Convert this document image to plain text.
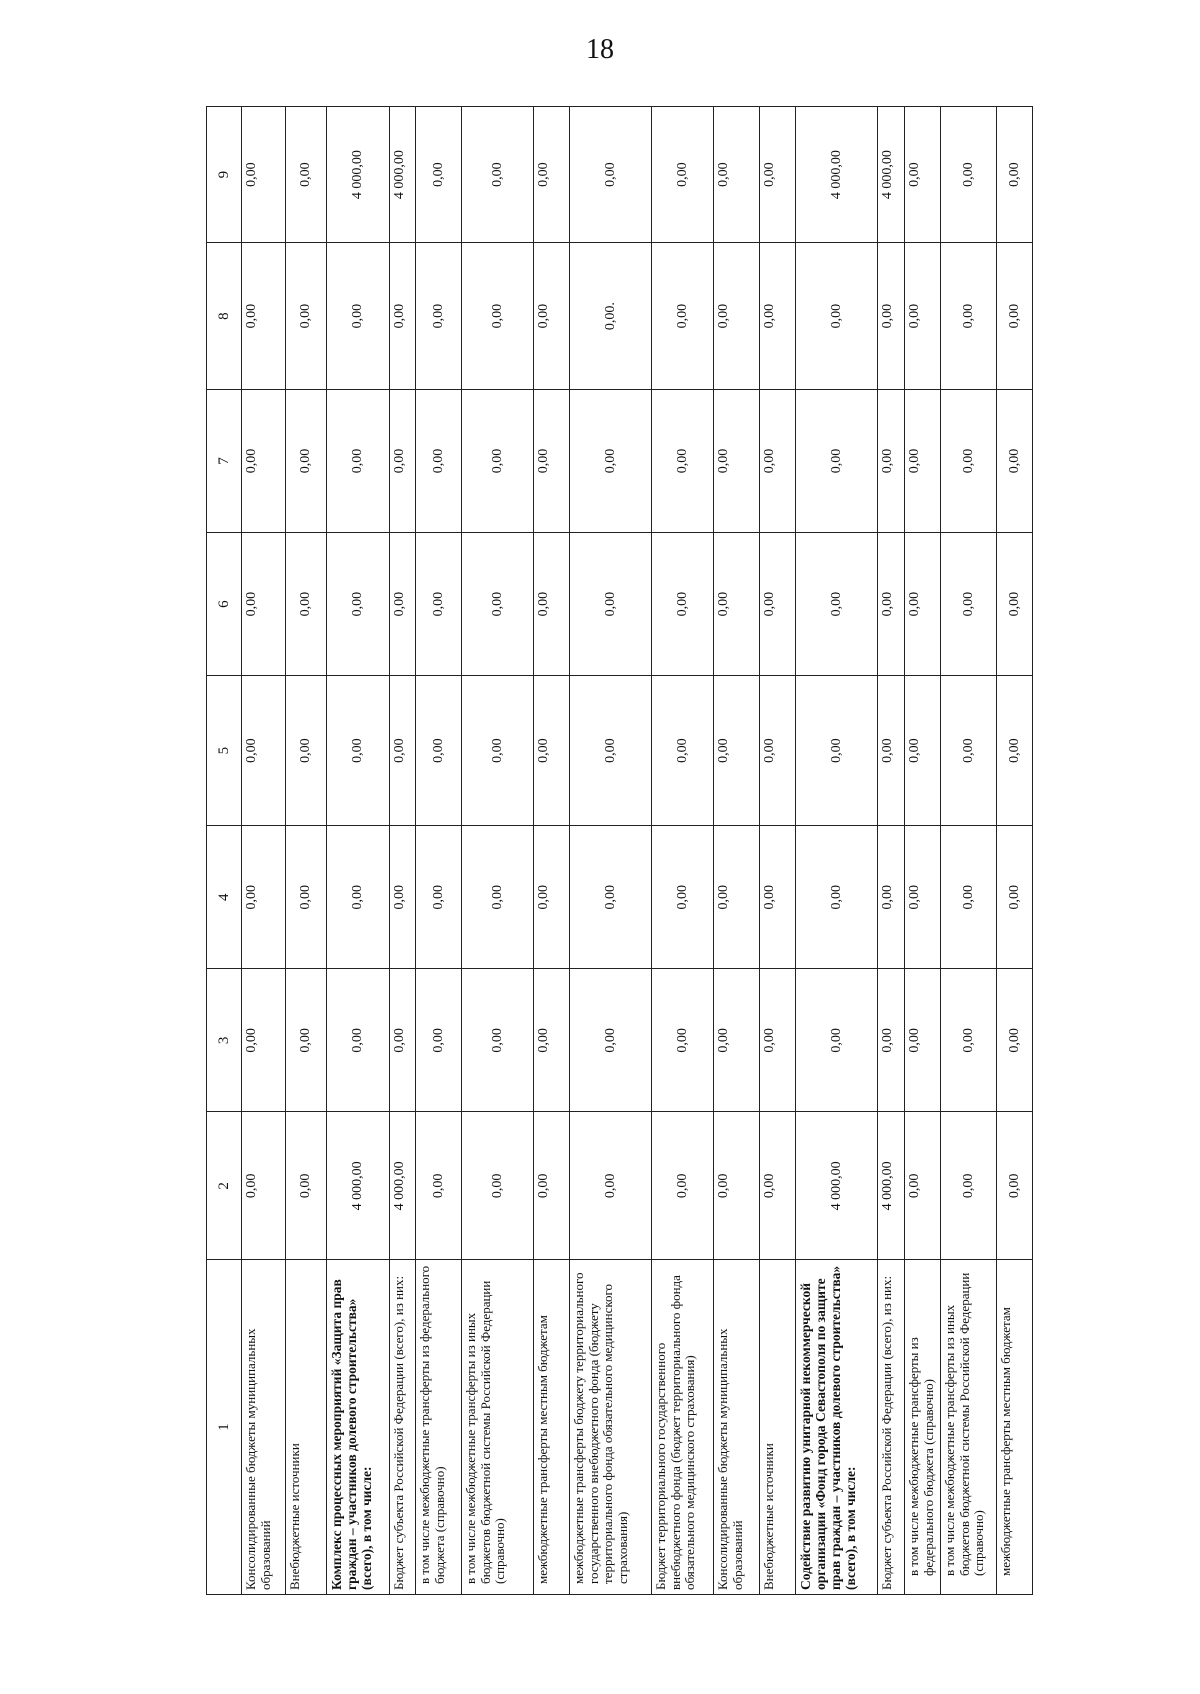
18
1	2	3	4	5	6	7	8	9
Консолидированные бюджеты муниципальных образований	0,00	0,00	0,00	0,00	0,00	0,00	0,00	0,00
Внебюджетные источники	0,00	0,00	0,00	0,00	0,00	0,00	0,00	0,00
Комплекс процессных мероприятий «Защита прав граждан – участников долевого строительства» (всего), в том числе:	4 000,00	0,00	0,00	0,00	0,00	0,00	0,00	4 000,00
Бюджет субъекта Российской Федерации (всего), из них:	4 000,00	0,00	0,00	0,00	0,00	0,00	0,00	4 000,00
в том числе межбюджетные трансферты из федерального бюджета (справочно)	0,00	0,00	0,00	0,00	0,00	0,00	0,00	0,00
в том числе межбюджетные трансферты из иных бюджетов бюджетной системы Российской Федерации (справочно)	0,00	0,00	0,00	0,00	0,00	0,00	0,00	0,00
межбюджетные трансферты местным бюджетам	0,00	0,00	0,00	0,00	0,00	0,00	0,00	0,00
межбюджетные трансферты бюджету территориального государственного внебюджетного фонда (бюджету территориального фонда обязательного медицинского страхования)	0,00	0,00	0,00	0,00	0,00	0,00	0,00.	0,00
Бюджет территориального государственного внебюджетного фонда (бюджет территориального фонда обязательного медицинского страхования)	0,00	0,00	0,00	0,00	0,00	0,00	0,00	0,00
Консолидированные бюджеты муниципальных образований	0,00	0,00	0,00	0,00	0,00	0,00	0,00	0,00
Внебюджетные источники	0,00	0,00	0,00	0,00	0,00	0,00	0,00	0,00
Содействие развитию унитарной некоммерческой организации «Фонд города Севастополя по защите прав граждан – участников долевого строительства» (всего), в том числе:	4 000,00	0,00	0,00	0,00	0,00	0,00	0,00	4 000,00
Бюджет субъекта Российской Федерации (всего), из них:	4 000,00	0,00	0,00	0,00	0,00	0,00	0,00	4 000,00
в том числе межбюджетные трансферты из федерального бюджета (справочно)	0,00	0,00	0,00	0,00	0,00	0,00	0,00	0,00
в том числе межбюджетные трансферты из иных бюджетов бюджетной системы Российской Федерации (справочно)	0,00	0,00	0,00	0,00	0,00	0,00	0,00	0,00
межбюджетные трансферты местным бюджетам	0,00	0,00	0,00	0,00	0,00	0,00	0,00	0,00
